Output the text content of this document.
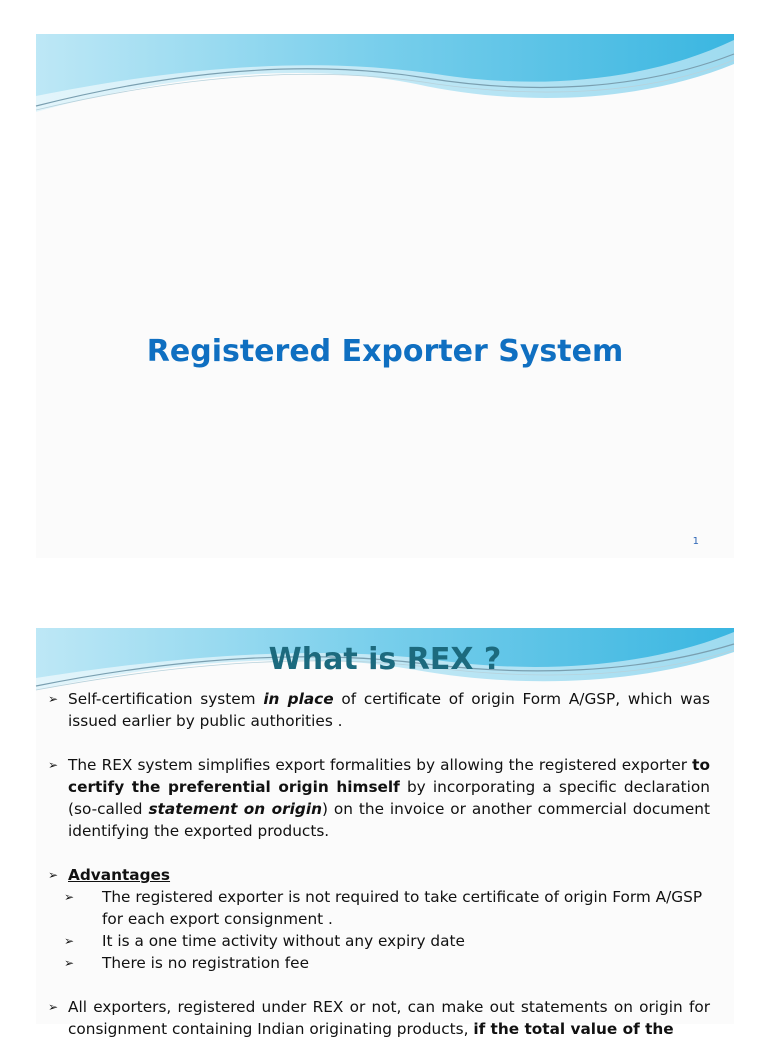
Registered Exporter System
1
What is REX ?
➢ Self-certification system in place of certificate of origin Form A/GSP, which was issued earlier by public authorities .
➢ The REX system simplifies export formalities by allowing the registered exporter to certify the preferential origin himself by incorporating a specific declaration (so-called statement on origin) on the invoice or another commercial document identifying the exported products.
➢ Advantages
➢ The registered exporter is not required to take certificate of origin Form A/GSP for each export consignment .
➢ It is a one time activity without any expiry date
➢ There is no registration fee
➢ All exporters, registered under REX or not, can make out statements on origin for consignment containing Indian originating products, if the total value of the
